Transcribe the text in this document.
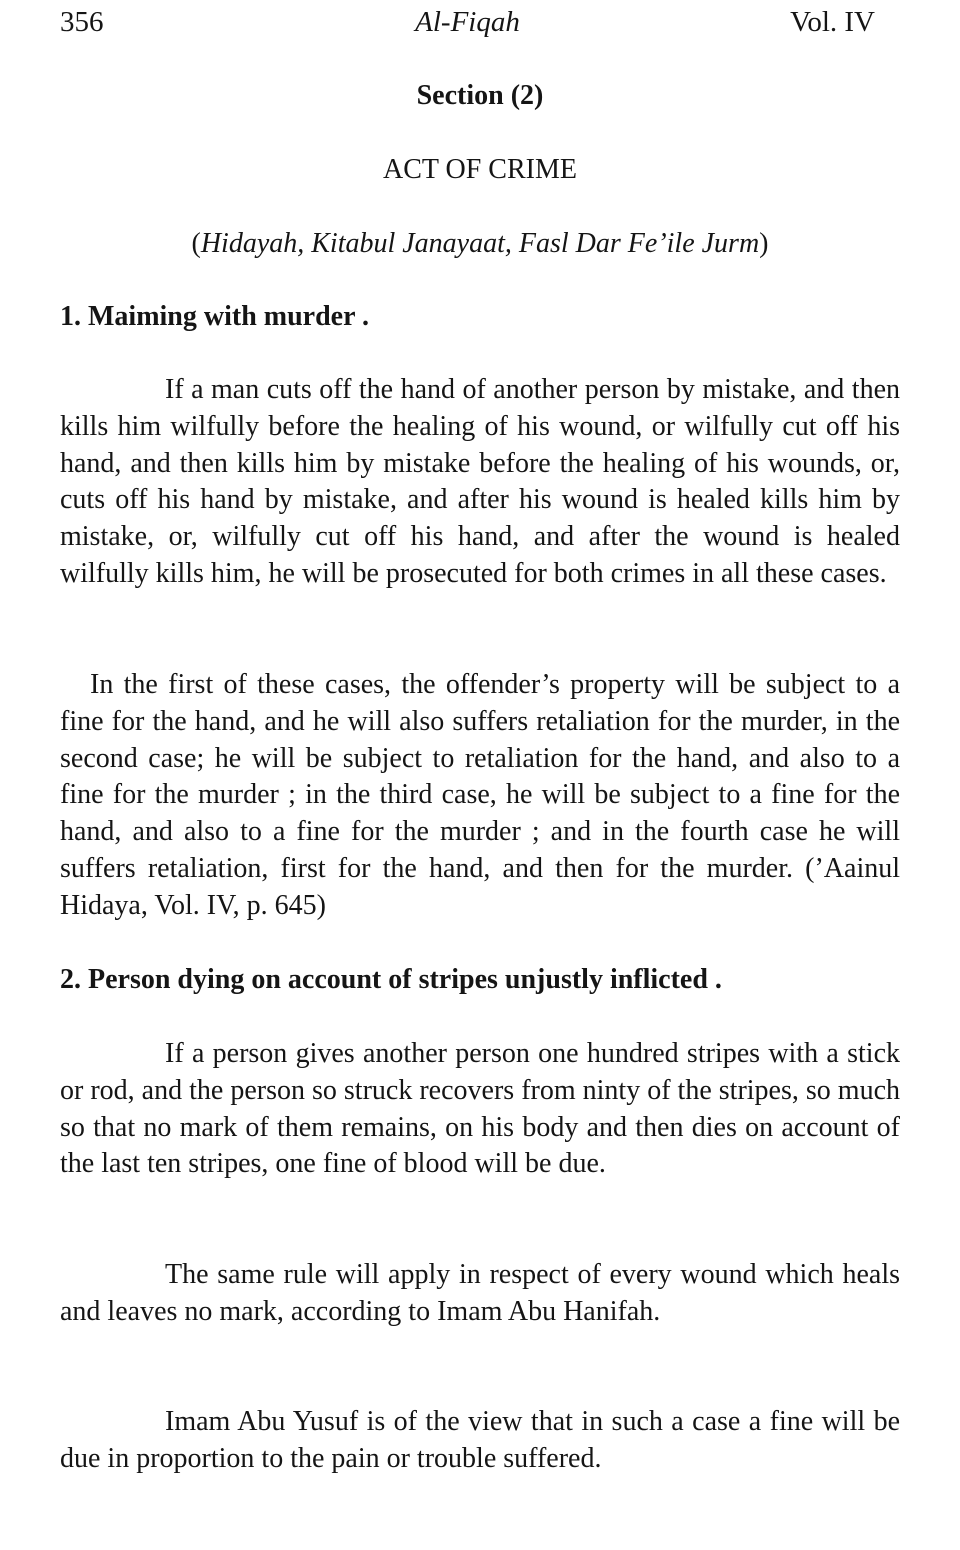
356	Al-Fiqah	Vol. IV
Section (2)
ACT OF CRIME
(Hidayah, Kitabul Janayaat, Fasl Dar Fe’ile Jurm)
1. Maiming with murder .

If a man cuts off the hand of another person by mistake, and then kills him wilfully before the healing of his wound, or wilfully cut off his hand, and then kills him by mistake before the healing of his wounds, or, cuts off his hand by mistake, and after his wound is healed kills him by mistake, or, wilfully cut off his hand, and after the wound is healed wilfully kills him, he will be prosecuted for both crimes in all these cases.

In the first of these cases, the offender’s property will be subject to a fine for the hand, and he will also suffers retaliation for the murder, in the second case; he will be subject to retaliation for the hand, and also to a fine for the murder ; in the third case, he will be subject to a fine for the hand, and also to a fine for the murder ; and in the fourth case he will suffers retaliation, first for the hand, and then for the murder. (’Aainul Hidaya, Vol. IV, p. 645)

2. Person dying on account of stripes unjustly inflicted .

If a person gives another person one hundred stripes with a stick or rod, and the person so struck recovers from ninty of the stripes, so much so that no mark of them remains, on his body and then dies on account of the last ten stripes, one fine of blood will be due.

The same rule will apply in respect of every wound which heals and leaves no mark, according to Imam Abu Hanifah.

Imam Abu Yusuf is of the view that in such a case a fine will be due in proportion to the pain or trouble suffered.
